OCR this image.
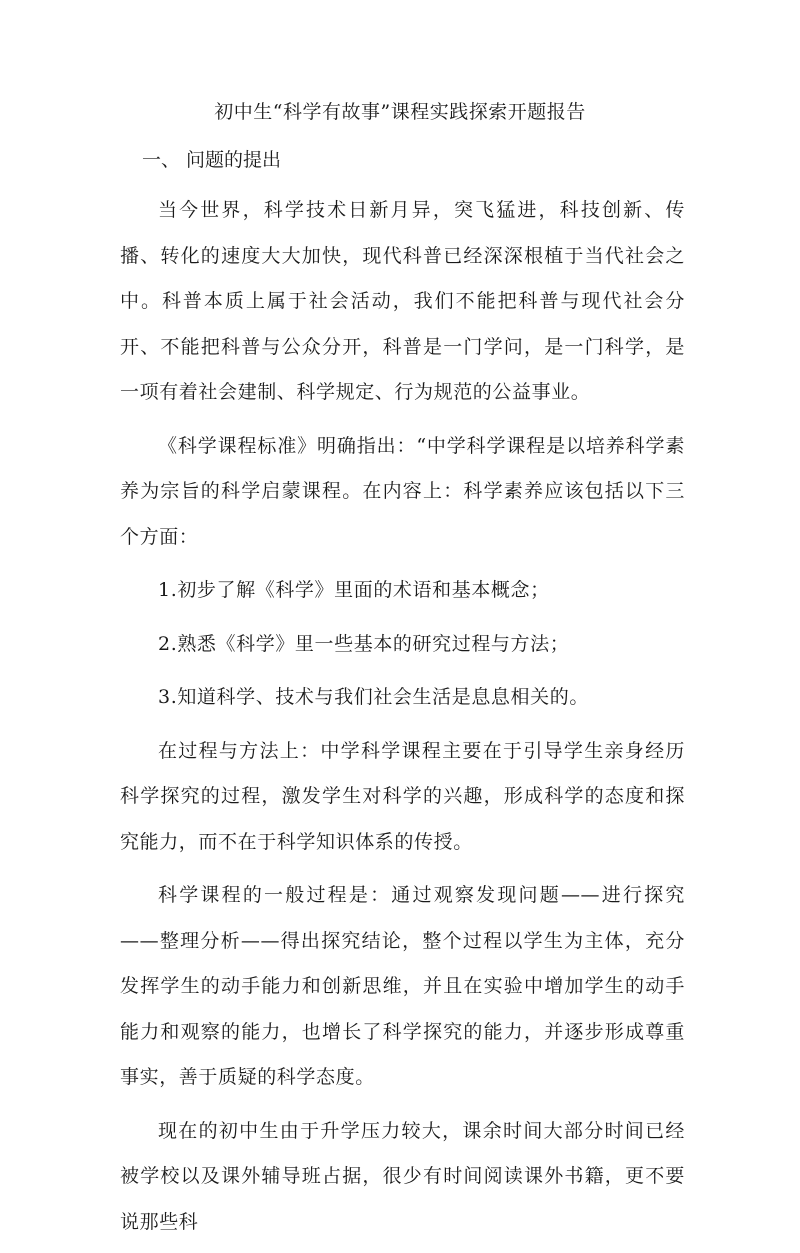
初中生“科学有故事”课程实践探索开题报告
一、 问题的提出

当今世界，科学技术日新月异，突飞猛进，科技创新、传播、转化的速度大大加快，现代科普已经深深根植于当代社会之中。科普本质上属于社会活动，我们不能把科普与现代社会分开、不能把科普与公众分开，科普是一门学问，是一门科学，是一项有着社会建制、科学规定、行为规范的公益事业。

《科学课程标准》明确指出：“中学科学课程是以培养科学素养为宗旨的科学启蒙课程。在内容上：科学素养应该包括以下三个方面：

1.初步了解《科学》里面的术语和基本概念；

2.熟悉《科学》里一些基本的研究过程与方法；

3.知道科学、技术与我们社会生活是息息相关的。

在过程与方法上：中学科学课程主要在于引导学生亲身经历科学探究的过程，激发学生对科学的兴趣，形成科学的态度和探究能力，而不在于科学知识体系的传授。

科学课程的一般过程是：通过观察发现问题——进行探究——整理分析——得出探究结论，整个过程以学生为主体，充分发挥学生的动手能力和创新思维，并且在实验中增加学生的动手能力和观察的能力，也增长了科学探究的能力，并逐步形成尊重事实，善于质疑的科学态度。

现在的初中生由于升学压力较大，课余时间大部分时间已经被学校以及课外辅导班占据，很少有时间阅读课外书籍，更不要说那些科
